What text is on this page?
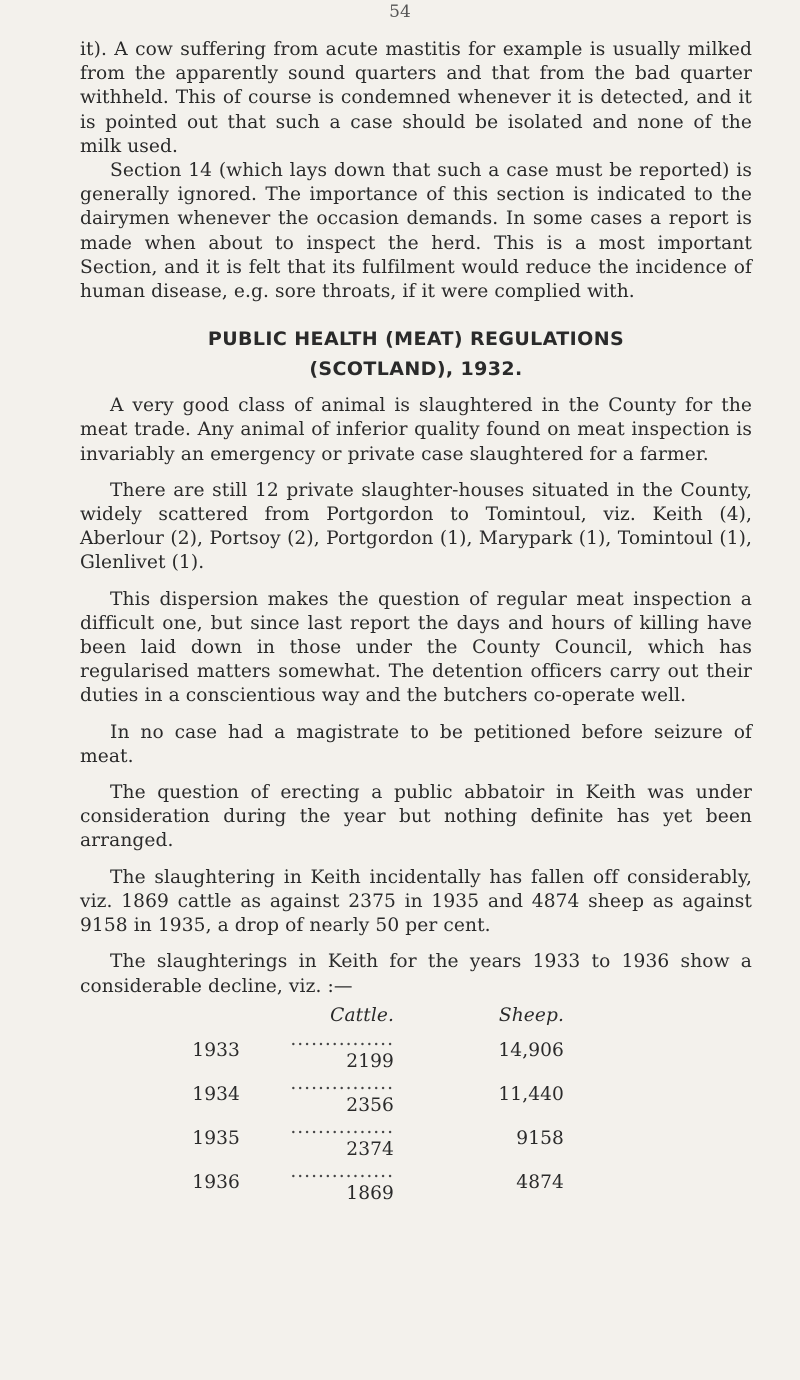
54

it). A cow suffering from acute mastitis for example is usually milked from the apparently sound quarters and that from the bad quarter withheld. This of course is condemned whenever it is detected, and it is pointed out that such a case should be isolated and none of the milk used.

Section 14 (which lays down that such a case must be reported) is generally ignored. The importance of this section is indicated to the dairymen whenever the occasion demands. In some cases a report is made when about to inspect the herd. This is a most important Section, and it is felt that its fulfilment would reduce the incidence of human disease, e.g. sore throats, if it were complied with.

PUBLIC HEALTH (MEAT) REGULATIONS
(SCOTLAND), 1932.

A very good class of animal is slaughtered in the County for the meat trade. Any animal of inferior quality found on meat inspection is invariably an emergency or private case slaughtered for a farmer.

There are still 12 private slaughter-houses situated in the County, widely scattered from Portgordon to Tomintoul, viz. Keith (4), Aberlour (2), Portsoy (2), Portgordon (1), Marypark (1), Tomintoul (1), Glenlivet (1).

This dispersion makes the question of regular meat inspection a difficult one, but since last report the days and hours of killing have been laid down in those under the County Council, which has regularised matters somewhat. The detention officers carry out their duties in a conscientious way and the butchers co-operate well.

In no case had a magistrate to be petitioned before seizure of meat.

The question of erecting a public abbatoir in Keith was under consideration during the year but nothing definite has yet been arranged.

The slaughtering in Keith incidentally has fallen off considerably, viz. 1869 cattle as against 2375 in 1935 and 4874 sheep as against 9158 in 1935, a drop of nearly 50 per cent.

The slaughterings in Keith for the years 1933 to 1936 show a considerable decline, viz. :—

	Cattle.	Sheep.
1933	............... 2199	14,906
1934	............... 2356	11,440
1935	............... 2374	9158
1936	............... 1869	4874
